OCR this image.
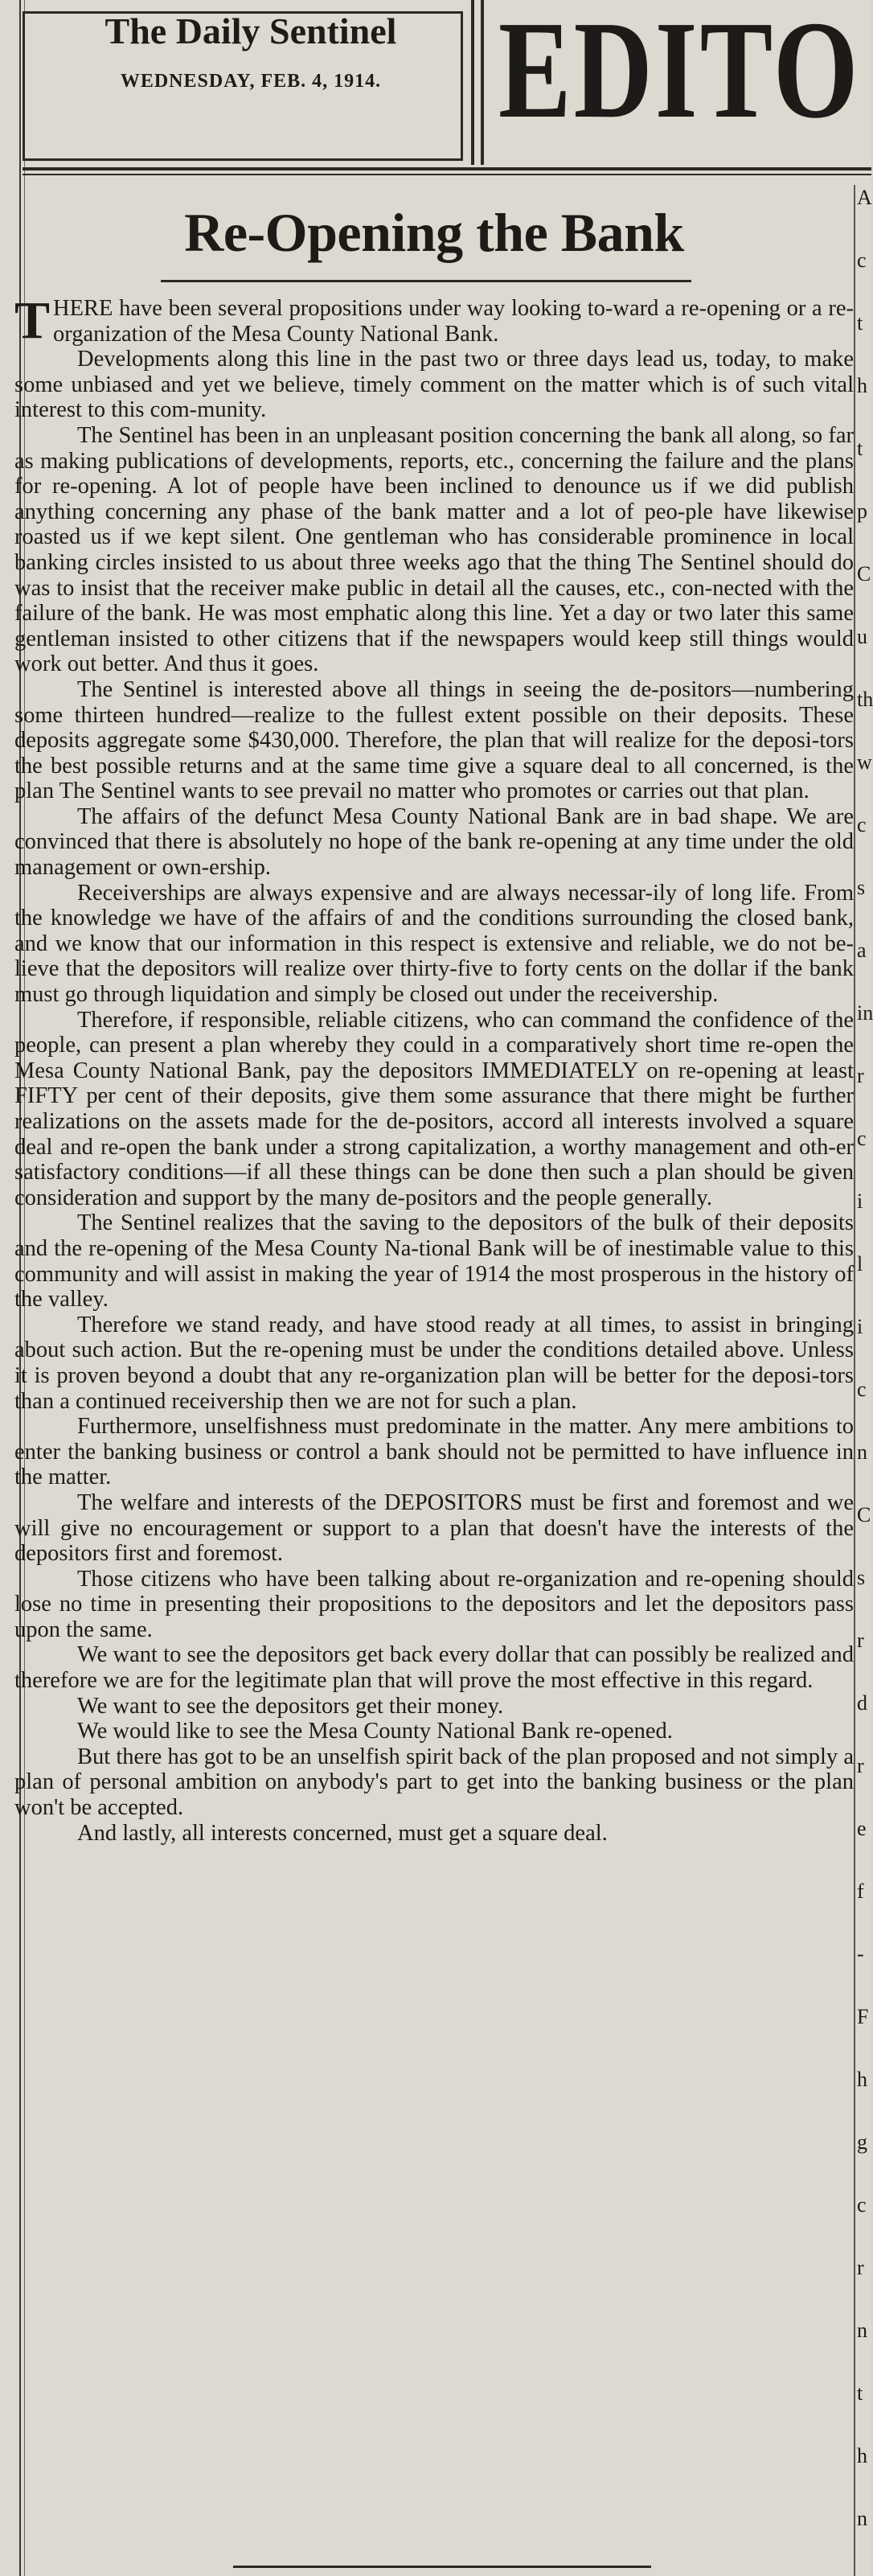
The Daily Sentinel
WEDNESDAY, FEB. 4, 1914. EDITO
Re-Opening the Bank

THERE have been several propositions under way looking to-ward a re-opening or a re-organization of the Mesa County National Bank.

Developments along this line in the past two or three days lead us, today, to make some unbiased and yet we believe, timely comment on the matter which is of such vital interest to this com-munity.

The Sentinel has been in an unpleasant position concerning the bank all along, so far as making publications of developments, reports, etc., concerning the failure and the plans for re-opening. A lot of people have been inclined to denounce us if we did publish anything concerning any phase of the bank matter and a lot of peo-ple have likewise roasted us if we kept silent. One gentleman who has considerable prominence in local banking circles insisted to us about three weeks ago that the thing The Sentinel should do was to insist that the receiver make public in detail all the causes, etc., con-nected with the failure of the bank. He was most emphatic along this line. Yet a day or two later this same gentleman insisted to other citizens that if the newspapers would keep still things would work out better. And thus it goes.

The Sentinel is interested above all things in seeing the de-positors—numbering some thirteen hundred—realize to the fullest extent possible on their deposits. These deposits aggregate some $430,000. Therefore, the plan that will realize for the deposi-tors the best possible returns and at the same time give a square deal to all concerned, is the plan The Sentinel wants to see prevail no matter who promotes or carries out that plan.

The affairs of the defunct Mesa County National Bank are in bad shape. We are convinced that there is absolutely no hope of the bank re-opening at any time under the old management or own-ership.

Receiverships are always expensive and are always necessar-ily of long life. From the knowledge we have of the affairs of and the conditions surrounding the closed bank, and we know that our information in this respect is extensive and reliable, we do not be-lieve that the depositors will realize over thirty-five to forty cents on the dollar if the bank must go through liquidation and simply be closed out under the receivership.

Therefore, if responsible, reliable citizens, who can command the confidence of the people, can present a plan whereby they could in a comparatively short time re-open the Mesa County National Bank, pay the depositors IMMEDIATELY on re-opening at least FIFTY per cent of their deposits, give them some assurance that there might be further realizations on the assets made for the de-positors, accord all interests involved a square deal and re-open the bank under a strong capitalization, a worthy management and oth-er satisfactory conditions—if all these things can be done then such a plan should be given consideration and support by the many de-positors and the people generally.

The Sentinel realizes that the saving to the depositors of the bulk of their deposits and the re-opening of the Mesa County Na-tional Bank will be of inestimable value to this community and will assist in making the year of 1914 the most prosperous in the history of the valley.

Therefore we stand ready, and have stood ready at all times, to assist in bringing about such action. But the re-opening must be under the conditions detailed above. Unless it is proven beyond a doubt that any re-organization plan will be better for the deposi-tors than a continued receivership then we are not for such a plan.

Furthermore, unselfishness must predominate in the matter. Any mere ambitions to enter the banking business or control a bank should not be permitted to have influence in the matter.

The welfare and interests of the DEPOSITORS must be first and foremost and we will give no encouragement or support to a plan that doesn't have the interests of the depositors first and foremost.

Those citizens who have been talking about re-organization and re-opening should lose no time in presenting their propositions to the depositors and let the depositors pass upon the same.

We want to see the depositors get back every dollar that can possibly be realized and therefore we are for the legitimate plan that will prove the most effective in this regard.

We want to see the depositors get their money.

We would like to see the Mesa County National Bank re-opened.

But there has got to be an unselfish spirit back of the plan proposed and not simply a plan of personal ambition on anybody's part to get into the banking business or the plan won't be accepted.

And lastly, all interests concerned, must get a square deal.

A
c
t
h
t
p
C
u
th
w
c
s
a
in
r
c
i
l
i
c
n
C
s
r
d
r
e
f
-
F
h
g
c
r
n
t
h
n
